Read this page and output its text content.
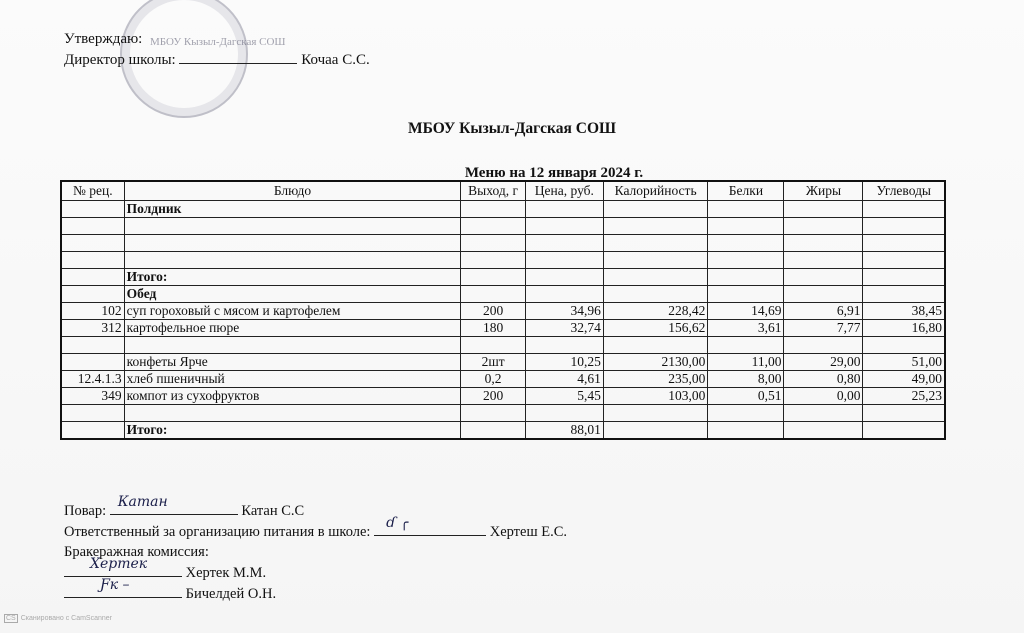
МБОУ Кызыл-Дагская СОШ
Утверждаю:
Директор школы:	Кочаа С.С.
МБОУ Кызыл-Дагская СОШ
Меню на 12 января 2024 г.
№ рец.	Блюдо	Выход, г	Цена, руб.	Калорийность	Белки	Жиры	Углеводы
	Полдник						

	Итого:						
	Обед						
102	суп гороховый с мясом и картофелем	200	34,96	228,42	14,69	6,91	38,45
312	картофельное пюре	180	32,74	156,62	3,61	7,77	16,80

	конфеты Ярче	2шт	10,25	2130,00	11,00	29,00	51,00
12.4.1.3	хлеб пшеничный	0,2	4,61	235,00	8,00	0,80	49,00
349	компот из сухофруктов	200	5,45	103,00	0,51	0,00	25,23

	Итого:		88,01				
Повар:
Катан
Катан С.С
Ответственный за организацию питания в школе:
ɗ ╭
Хертеш Е.С.
Бракеражная комиссия:
Хертек
Хертек М.М.
Ƒк –
Бичелдей О.Н.
CS Сканировано с CamScanner
